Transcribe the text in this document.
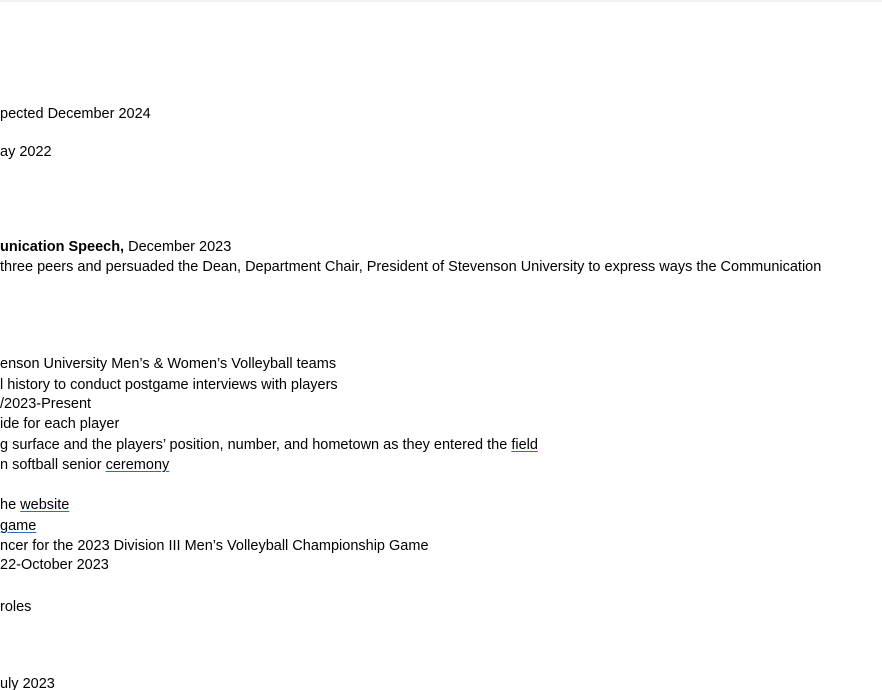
pected December 2024
ay 2022
unication Speech, December 2023
three peers and persuaded the Dean, Department Chair, President of Stevenson University to express ways the Communication
enson University Men’s & Women’s Volleyball teams
l history to conduct postgame interviews with players
/2023-Present
ide for each player
g surface and the players’ position, number, and hometown as they entered the field
n softball senior ceremony
he website
game
ncer for the 2023 Division III Men’s Volleyball Championship Game
22-October 2023
roles
uly 2023
